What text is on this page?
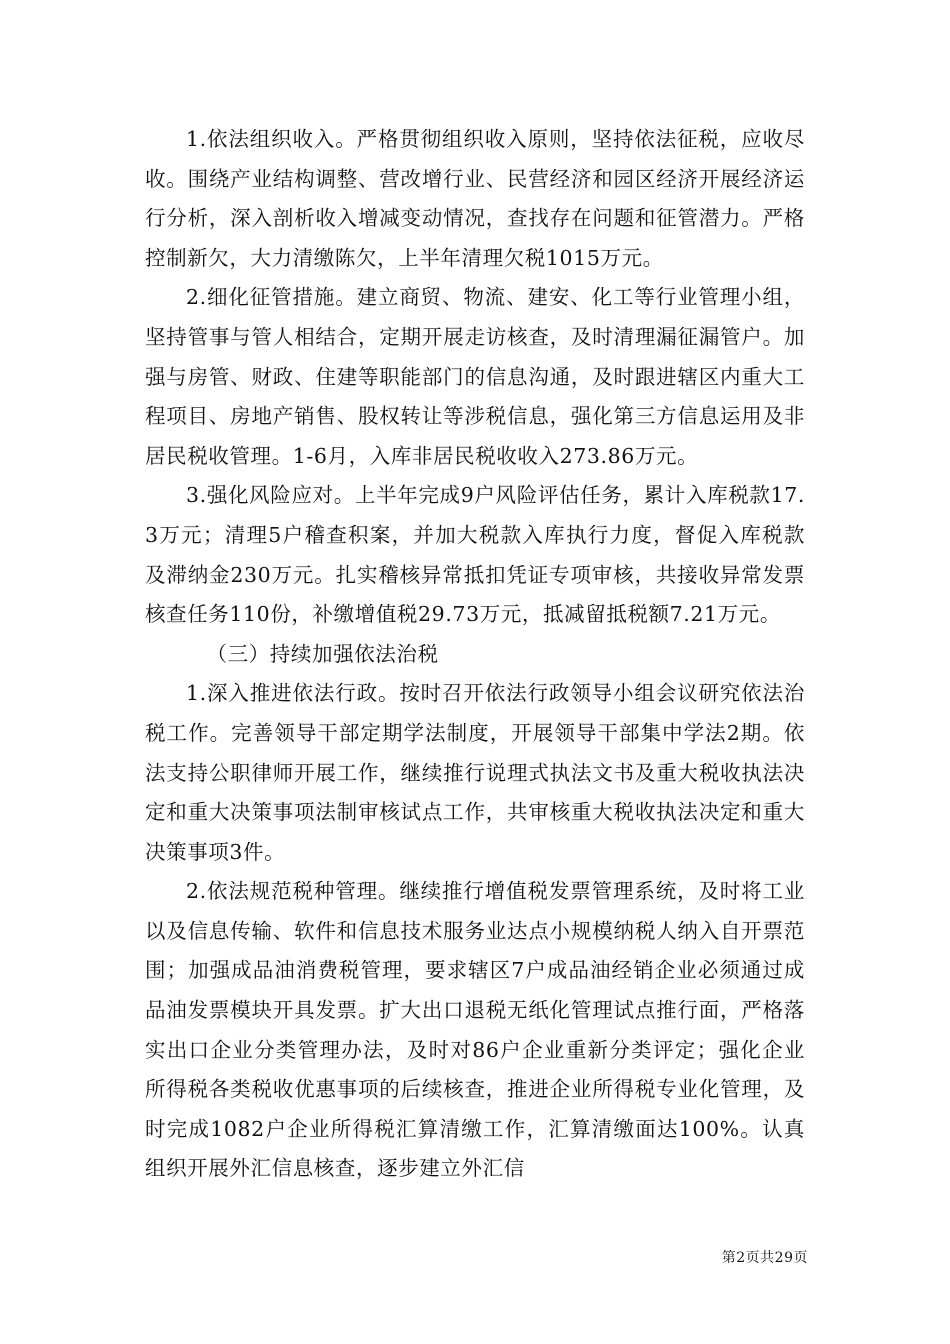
1.依法组织收入。严格贯彻组织收入原则，坚持依法征税，应收尽收。围绕产业结构调整、营改增行业、民营经济和园区经济开展经济运行分析，深入剖析收入增减变动情况，查找存在问题和征管潜力。严格控制新欠，大力清缴陈欠，上半年清理欠税1015万元。

2.细化征管措施。建立商贸、物流、建安、化工等行业管理小组，坚持管事与管人相结合，定期开展走访核查，及时清理漏征漏管户。加强与房管、财政、住建等职能部门的信息沟通，及时跟进辖区内重大工程项目、房地产销售、股权转让等涉税信息，强化第三方信息运用及非居民税收管理。1-6月，入库非居民税收收入273.86万元。

3.强化风险应对。上半年完成9户风险评估任务，累计入库税款17.3万元；清理5户稽查积案，并加大税款入库执行力度，督促入库税款及滞纳金230万元。扎实稽核异常抵扣凭证专项审核，共接收异常发票核查任务110份，补缴增值税29.73万元，抵减留抵税额7.21万元。

（三）持续加强依法治税

1.深入推进依法行政。按时召开依法行政领导小组会议研究依法治税工作。完善领导干部定期学法制度，开展领导干部集中学法2期。依法支持公职律师开展工作，继续推行说理式执法文书及重大税收执法决定和重大决策事项法制审核试点工作，共审核重大税收执法决定和重大决策事项3件。

2.依法规范税种管理。继续推行增值税发票管理系统，及时将工业以及信息传输、软件和信息技术服务业达点小规模纳税人纳入自开票范围；加强成品油消费税管理，要求辖区7户成品油经销企业必须通过成品油发票模块开具发票。扩大出口退税无纸化管理试点推行面，严格落实出口企业分类管理办法，及时对86户企业重新分类评定；强化企业所得税各类税收优惠事项的后续核查，推进企业所得税专业化管理，及时完成1082户企业所得税汇算清缴工作，汇算清缴面达100%。认真组织开展外汇信息核查，逐步建立外汇信

第2页共29页
